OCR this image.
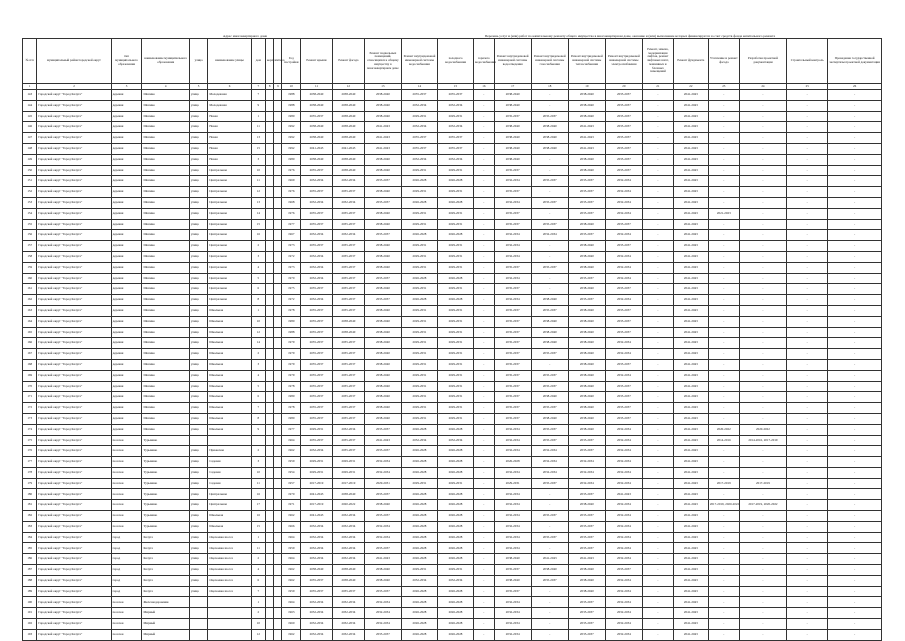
Адрес многоквартирного дома	Перечень услуг и (или) работ по капитальному ремонту общего имущества в многоквартирном доме, оказание и (или) выполнение которых финансируется за счет средств фонда капитального ремонта
№ п/п	муниципальный район/городской округ	тип муниципального образования	наименование муниципального образования	улица	наименование улицы	дом	корпус	литера	Год постройки	Ремонт крыши	Ремонт фасада	Ремонт подвальных помещений, относящихся к общему имуществу в многоквартирном доме	Ремонт внутридомовой инженерной системы водоснабжения	холодного водоснабжения	горячего водоснабжения	Ремонт внутридомовой инженерной системы водоотведения	Ремонт внутридомовой инженерной системы газоснабжения	Ремонт внутридомовой инженерной системы теплоснабжения	Ремонт внутридомовой инженерной системы электроснабжения	Ремонт, замена, модернизация лифтов, ремонт лифтовых шахт, машинных и блочных помещений	Ремонт фундамента	Утепление и ремонт фасада	Разработка проектной документации	Строительный контроль	Проведение государственной экспертизы проектной документации
1	2	3	4	5	6	7	8	9	10	11	12	13	14	15	16	17	18	19	20	21	22	23	24	25	26
143	Городской округ "Город Калуга"	деревня	Шопино	улица	Молодежная	7			1988	2038-2040	2038-2040	2038-2040	2035-2037	2035-2037	-	2038-2040	-	2038-2040	2035-2037	-	2041-2043	-	-	-	-
144	Городской округ "Город Калуга"	деревня	Шопино	улица	Молодежная	9			1988	2038-2040	2038-2040	2038-2040	2032-2034	2032-2034	-	2038-2040	-	2038-2040	2035-2037	-	2041-2043	-	-	-	-
145	Городской округ "Город Калуга"	деревня	Шопино	улица	Новая	1			1980	2035-2037	2038-2040	2038-2040	2029-2031	2029-2031	-	2035-2037	2035-2037	2038-2040	2035-2037	-	2041-2043	-	-	-	-
146	Городской округ "Город Калуга"	деревня	Шопино	улица	Новая	11			1992	2038-2040	2038-2040	2041-2043	2032-2034	2032-2034	-	2038-2040	2038-2040	2041-2043	2035-2037	-	2041-2043	-	-	-	-
147	Городской округ "Город Калуга"	деревня	Шопино	улица	Новая	13			1992	2038-2040	2038-2040	2041-2043	2035-2037	2035-2037	-	2038-2040	2038-2040	2041-2043	2035-2037	-	2041-2043	-	-	-	-
148	Городской округ "Город Калуга"	деревня	Шопино	улица	Новая	15			1992	2041-2043	2041-2043	2041-2043	2035-2037	2035-2037	-	2038-2040	2038-2040	2041-2043	2035-2037	-	2041-2043	-	-	-	-
149	Городской округ "Город Калуга"	деревня	Шопино	улица	Новая	3			1980	2038-2040	2038-2040	2038-2040	2032-2034	2032-2034	-	2038-2040	-	2038-2040	2035-2037	-	2041-2043	-	-	-	-
150	Городской округ "Город Калуга"	деревня	Шопино	улица	Центральная	10			1976	2035-2037	2038-2040	2038-2040	2029-2031	2029-2031	-	2035-2037	-	2038-2040	2035-2037	-	2041-2043	-	-	-	-
151	Городской округ "Город Калуга"	деревня	Шопино	улица	Центральная	11			1969	2032-2034	2032-2034	2035-2037	2026-2028	2026-2028	-	2032-2034	2035-2037	2035-2037	2032-2034	-	2041-2043	-	-	-	-
152	Городской округ "Город Калуга"	деревня	Шопино	улица	Центральная	12			1976	2035-2037	2035-2037	2038-2040	2029-2031	2029-2031	-	2035-2037	-	2035-2037	2032-2034	-	2041-2043	-	-	-	-
153	Городской округ "Город Калуга"	деревня	Шопино	улица	Центральная	13			1968	2032-2034	2032-2034	2035-2037	2026-2028	2026-2028	-	2032-2034	2035-2037	2035-2037	2032-2034	-	2041-2043	-	-	-	-
154	Городской округ "Город Калуга"	деревня	Шопино	улица	Центральная	14			1976	2035-2037	2035-2037	2038-2040	2029-2031	2029-2031	-	2035-2037	-	2035-2037	2032-2034	-	2041-2043	2021-2023	-	-	-
155	Городской округ "Город Калуга"	деревня	Шопино	улица	Центральная	15			1977	2035-2037	2035-2037	2038-2040	2029-2031	2029-2031	-	2035-2037	2035-2037	2038-2040	2035-2037	-	2041-2043	-	-	-	-
156	Городской округ "Город Калуга"	деревня	Шопино	улица	Центральная	16			1967	2032-2034	2032-2034	2035-2037	2026-2028	2026-2028	-	2032-2034	2032-2034	2035-2037	2032-2034	-	2041-2043	-	-	-	-
157	Городской округ "Город Калуга"	деревня	Шопино	улица	Центральная	2			1973	2035-2037	2035-2037	2038-2040	2029-2031	2029-2031	-	2032-2034	-	2038-2040	2035-2037	-	2041-2043	-	-	-	-
158	Городской округ "Город Калуга"	деревня	Шопино	улица	Центральная	3			1972	2032-2034	2035-2037	2038-2040	2029-2031	2029-2031	-	2032-2034	-	2038-2040	2032-2034	-	2041-2043	-	-	-	-
159	Городской округ "Город Калуга"	деревня	Шопино	улица	Центральная	4			1973	2032-2034	2035-2037	2038-2040	2029-2031	2029-2031	-	2035-2037	2035-2037	2038-2040	2032-2034	-	2041-2043	-	-	-	-
160	Городской округ "Город Калуга"	деревня	Шопино	улица	Центральная	5			1970	2032-2034	2035-2037	2035-2037	2026-2028	2026-2028	-	2032-2034	-	2035-2037	2032-2034	-	2041-2043	-	-	-	-
161	Городской округ "Город Калуга"	деревня	Шопино	улица	Центральная	6			1975	2035-2037	2035-2037	2038-2040	2029-2031	2029-2031	-	2035-2037	-	2038-2040	2035-2037	-	2041-2043	-	-	-	-
162	Городской округ "Город Калуга"	деревня	Шопино	улица	Центральная	8			1972	2032-2034	2035-2037	2035-2037	2026-2028	2026-2028	-	2032-2034	2038-2040	2035-2037	2032-2034	-	2041-2043	-	-	-	-
163	Городской округ "Город Калуга"	деревня	Шопино	улица	Школьная	1			1978	2035-2037	2035-2037	2038-2040	2029-2031	2029-2031	-	2035-2037	2035-2037	2038-2040	2035-2037	-	2041-2043	-	-	-	-
164	Городской округ "Город Калуга"	деревня	Шопино	улица	Школьная	10			1980	2035-2037	2038-2040	2038-2040	2029-2031	2029-2031	-	2035-2037	2038-2040	2038-2040	2035-2037	-	2041-2043	-	-	-	-
165	Городской округ "Город Калуга"	деревня	Шопино	улица	Школьная	12			1988	2035-2037	2038-2040	2038-2040	2029-2031	2029-2031	-	2035-2037	2038-2040	2038-2040	2035-2037	-	2041-2043	-	-	-	-
166	Городской округ "Город Калуга"	деревня	Шопино	улица	Школьная	14			1979	2035-2037	2035-2037	2038-2040	2029-2031	2029-2031	-	2035-2037	2038-2040	2038-2040	2032-2034	-	2041-2043	-	-	-	-
167	Городской округ "Город Калуга"	деревня	Шопино	улица	Школьная	2			1979	2035-2037	2035-2037	2038-2040	2029-2031	2029-2031	-	2035-2037	2035-2037	2038-2040	2032-2034	-	2041-2043	-	-	-	-
168	Городской округ "Город Калуга"	деревня	Шопино	улица	Школьная	3			1979	2035-2037	2035-2037	2038-2040	2029-2031	2029-2031	-	2035-2037	-	2038-2040	2035-2037	-	2041-2043	-	-	-	-
169	Городской округ "Город Калуга"	деревня	Шопино	улица	Школьная	4			1979	2035-2037	2035-2037	2038-2040	2029-2031	2029-2031	-	2035-2037	2035-2037	2038-2040	2032-2034	-	2041-2043	-	-	-	-
170	Городской округ "Город Калуга"	деревня	Шопино	улица	Школьная	5			1978	2035-2037	2035-2037	2038-2040	2029-2031	2029-2031	-	2035-2037	2035-2037	2038-2040	2035-2037	-	2041-2043	-	-	-	-
171	Городской округ "Город Калуга"	деревня	Шопино	улица	Школьная	6			1980	2035-2037	2035-2037	2038-2040	2029-2031	2029-2031	-	2035-2037	2038-2040	2038-2040	2035-2037	-	2041-2043	-	-	-	-
172	Городской округ "Город Калуга"	деревня	Шопино	улица	Школьная	7			1978	2035-2037	2035-2037	2038-2040	2029-2031	2029-2031	-	2035-2037	2035-2037	2038-2040	2035-2037	-	2041-2043	-	-	-	-
173	Городской округ "Город Калуга"	деревня	Шопино	улица	Школьная	8			1980	2035-2037	2035-2037	2038-2040	2029-2031	2029-2031	-	2035-2037	2038-2040	2038-2040	2035-2037	-	2041-2043	-	-	-	-
174	Городской округ "Город Калуга"	деревня	Шопино	улица	Школьная	9			1977	2029-2031	2032-2034	2035-2037	2026-2028	2026-2028	-	2032-2034	2035-2037	2038-2040	2032-2034	-	2041-2043	2020-2022	2020-2022	-	-
175	Городской округ "Город Калуга"	поселок	Турынино						1964	2035-2037	2035-2037	2041-2043	2032-2034	2032-2034	-	2032-2034	2035-2037	2035-2037	2032-2034	-	2041-2043	2014-2016	2014-2016, 2017-2019	-	-
176	Городской округ "Город Калуга"	поселок	Турынино	улица	Приокская	2			1962	2032-2034	2035-2037	2035-2037	2026-2028	2026-2028	-	2032-2034	2032-2034	2035-2037	2032-2034	-	2041-2043	-	-	-	-
177	Городской округ "Город Калуга"	поселок	Турынино	улица	Садовая	3			1959	2029-2031	2029-2031	2032-2034	2026-2028	2026-2028	-	2026-2028	2032-2034	2032-2034	2032-2034	-	2041-2043	-	-	-	-
178	Городской округ "Город Калуга"	поселок	Турынино	улица	Садовая	10			1954	2029-2031	2029-2031	2032-2034	2026-2028	2026-2028	-	2032-2034	2032-2034	2032-2034	2032-2034	-	2041-2043	-	-	-	-
179	Городской округ "Город Калуга"	поселок	Турынино	улица	Садовая	11			1957	2017-2019	2017-2019	2029-2031	2029-2031	2029-2031	-	2029-2031	2035-2037	2032-2034	2032-2034	-	2041-2043	2017-2019	2017-2019	-	-
180	Городской округ "Город Калуга"	поселок	Турынино	улица	Центральная	16			1970	2041-2043	2038-2040	2035-2037	2026-2028	2026-2028	-	2032-2034	-	2035-2037	2041-2043	-	2041-2043	-	-	-	-
181	Городской округ "Город Калуга"	поселок	Турынино	улица	Центральная	17			1971	2017-2019	2020-2022	2038-2040	2026-2028	2026-2028	-	2032-2034	-	2038-2040	2032-2034	-	2041-2043	2017-2019, 2020-2022	2017-2019, 2020-2022	-	-
182	Городской округ "Город Калуга"	поселок	Турынино	улица	Школьная	16			1962	2041-2043	2032-2034	2035-2037	2026-2028	2026-2028	-	2032-2034	2035-2037	2035-2037	2032-2034	-	2041-2043	-	-	-	-
183	Городской округ "Город Калуга"	поселок	Турынино	улица	Школьная	15			1966	2032-2034	2032-2034	2032-2034	2026-2028	2026-2028	-	2032-2034	-	2035-2037	2032-2034	-	2041-2043	-	-	-	-
184	Городской округ "Город Калуга"	город	Калуга	улица	Оцелоевка шоссе	1			1964	2032-2034	2032-2034	2032-2034	2026-2028	2026-2028	-	2032-2034	2035-2037	2035-2037	2032-2034	-	2041-2043	-	-	-	-
185	Городской округ "Город Калуга"	город	Калуга	улица	Оцелоевка шоссе	11			1959	2032-2034	2032-2034	2035-2037	2026-2028	2026-2028	-	2032-2034	-	2035-2037	2032-2034	-	2041-2043	-	-	-	-
186	Городской округ "Город Калуга"	город	Калуга	улица	Оцелоевка шоссе	2			1964	2032-2034	2032-2034	2041-2043	2026-2028	2026-2028	-	2038-2040	2041-2043	2041-2043	2032-2034	-	2041-2043	-	-	-	-
187	Городской округ "Город Калуга"	город	Калуга	улица	Оцелоевка шоссе	4			1962	2038-2040	2038-2040	2038-2040	2029-2031	2029-2031	-	2035-2037	2038-2040	2038-2040	2035-2037	-	2041-2043	-	-	-	-
188	Городской округ "Город Калуга"	город	Калуга	улица	Оцелоевка шоссе	6			1962	2035-2037	2038-2040	2038-2040	2032-2034	2032-2034	-	2038-2040	2035-2037	2038-2040	2032-2034	-	2041-2043	-	-	-	-
189	Городской округ "Город Калуга"	город	Калуга	улица	Оцелоевка шоссе	7			1959	2035-2037	2035-2037	2035-2037	2026-2028	2026-2028	-	2035-2037	-	2038-2040	2032-2034	-	2041-2043	-	-	-	-
190	Городской округ "Город Калуга"	поселок	Железнодорожник			1			1964	2032-2034	2032-2034	2032-2034	2026-2028	2026-2028	-	2032-2034	-	2035-2037	2032-2034	-	2041-2043	-	-	-	-
191	Городской округ "Город Калуга"	поселок	Мирный			2			1963	2032-2034	2032-2034	2032-2034	2026-2028	2026-2028	-	2032-2034	-	2035-2037	2032-2034	-	2041-2043	-	-	-	-
192	Городской округ "Город Калуга"	поселок	Мирный			10			1960	2032-2034	2032-2034	2032-2034	2026-2028	2026-2028	-	2032-2034	-	2035-2037	2032-2034	-	2041-2043	-	-	-	-
193	Городской округ "Город Калуга"	поселок	Мирный			12			1962	2032-2034	2032-2034	2035-2037	2026-2028	2026-2028	-	2032-2034	-	2035-2037	2032-2034	-	2041-2043	-	-	-	-
